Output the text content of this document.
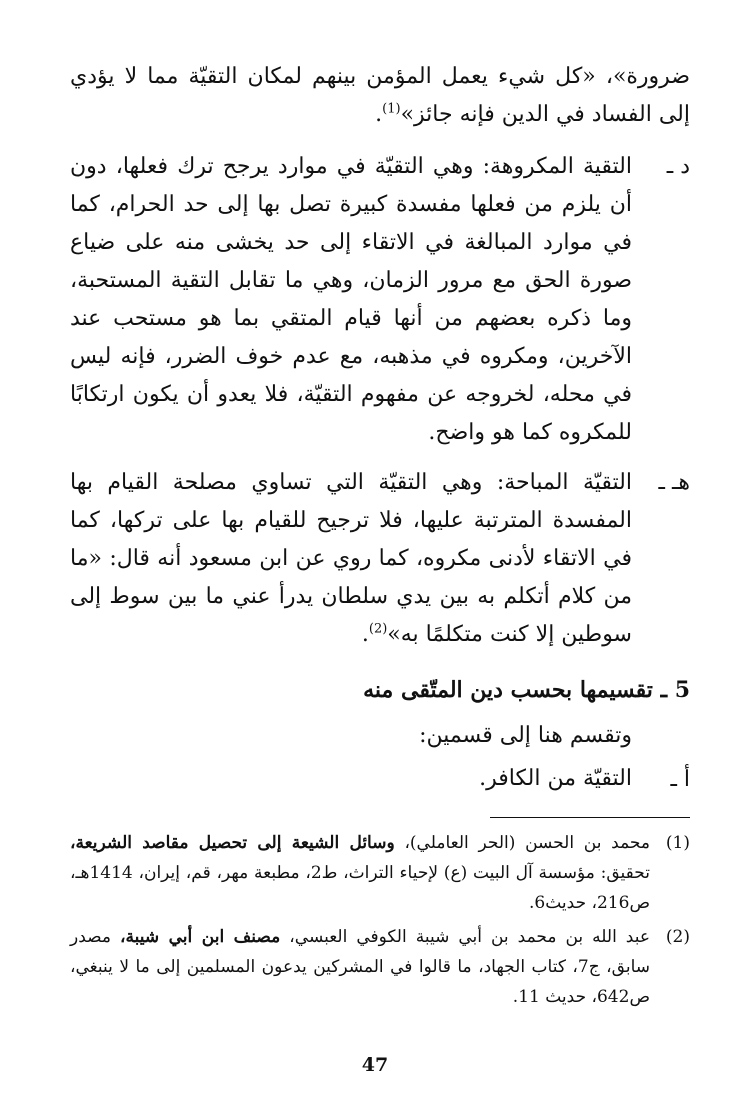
ضرورة»، «كل شيء يعمل المؤمن بينهم لمكان التقيّة مما لا يؤدي إلى الفساد في الدين فإنه جائز»$^{(1)}$.

د ـ
التقية المكروهة: وهي التقيّة في موارد يرجح ترك فعلها، دون أن يلزم من فعلها مفسدة كبيرة تصل بها إلى حد الحرام، كما في موارد المبالغة في الاتقاء إلى حد يخشى منه على ضياع صورة الحق مع مرور الزمان، وهي ما تقابل التقية المستحبة، وما ذكره بعضهم من أنها قيام المتقي بما هو مستحب عند الآخرين، ومكروه في مذهبه، مع عدم خوف الضرر، فإنه ليس في محله، لخروجه عن مفهوم التقيّة، فلا يعدو أن يكون ارتكابًا للمكروه كما هو واضح.
هـ ـ
التقيّة المباحة: وهي التقيّة التي تساوي مصلحة القيام بها المفسدة المترتبة عليها، فلا ترجيح للقيام بها على تركها، كما في الاتقاء لأدنى مكروه، كما روي عن ابن مسعود أنه قال: «ما من كلام أتكلم به بين يدي سلطان يدرأ عني ما بين سوط إلى سوطين إلا كنت متكلمًا به»$^{(2)}$.
5 ـ تقسيمها بحسب دين المتّقى منه
وتقسم هنا إلى قسمين:
أ ـ
التقيّة من الكافر.
(1)
محمد بن الحسن (الحر العاملي)، وسائل الشيعة إلى تحصيل مقاصد الشريعة، تحقيق: مؤسسة آل البيت (ع) لإحياء التراث، ط2، مطبعة مهر، قم، إيران، 1414هـ، ص216، حديث6.
(2)
عبد الله بن محمد بن أبي شيبة الكوفي العبسي، مصنف ابن أبي شيبة، مصدر سابق، ج7، كتاب الجهاد، ما قالوا في المشركين يدعون المسلمين إلى ما لا ينبغي، ص642، حديث 11.
47
